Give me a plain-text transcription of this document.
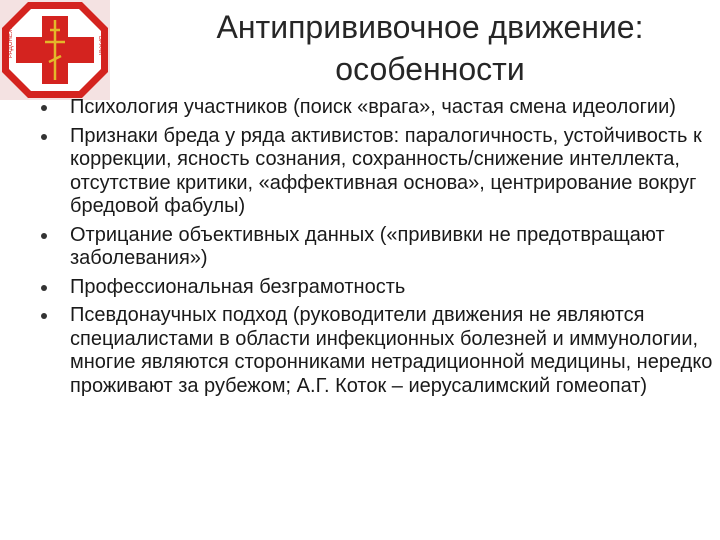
РАДОНЕЖ	ВРАЧИ
РОССИЯ
Антипрививочное движение:
особенности
Психология участников (поиск «врага», частая смена идеологии)
Признаки бреда у ряда активистов: паралогичность, устойчивость к коррекции, ясность сознания, сохранность/снижение интеллекта, отсутствие критики, «аффективная основа», центрирование вокруг бредовой фабулы)
Отрицание объективных данных («прививки не предотвращают заболевания»)
Профессиональная безграмотность
Псевдонаучных подход (руководители движения не являются специалистами в области инфекционных болезней и иммунологии, многие являются сторонниками нетрадиционной медицины, нередко проживают за рубежом; А.Г. Коток – иерусалимский гомеопат)
